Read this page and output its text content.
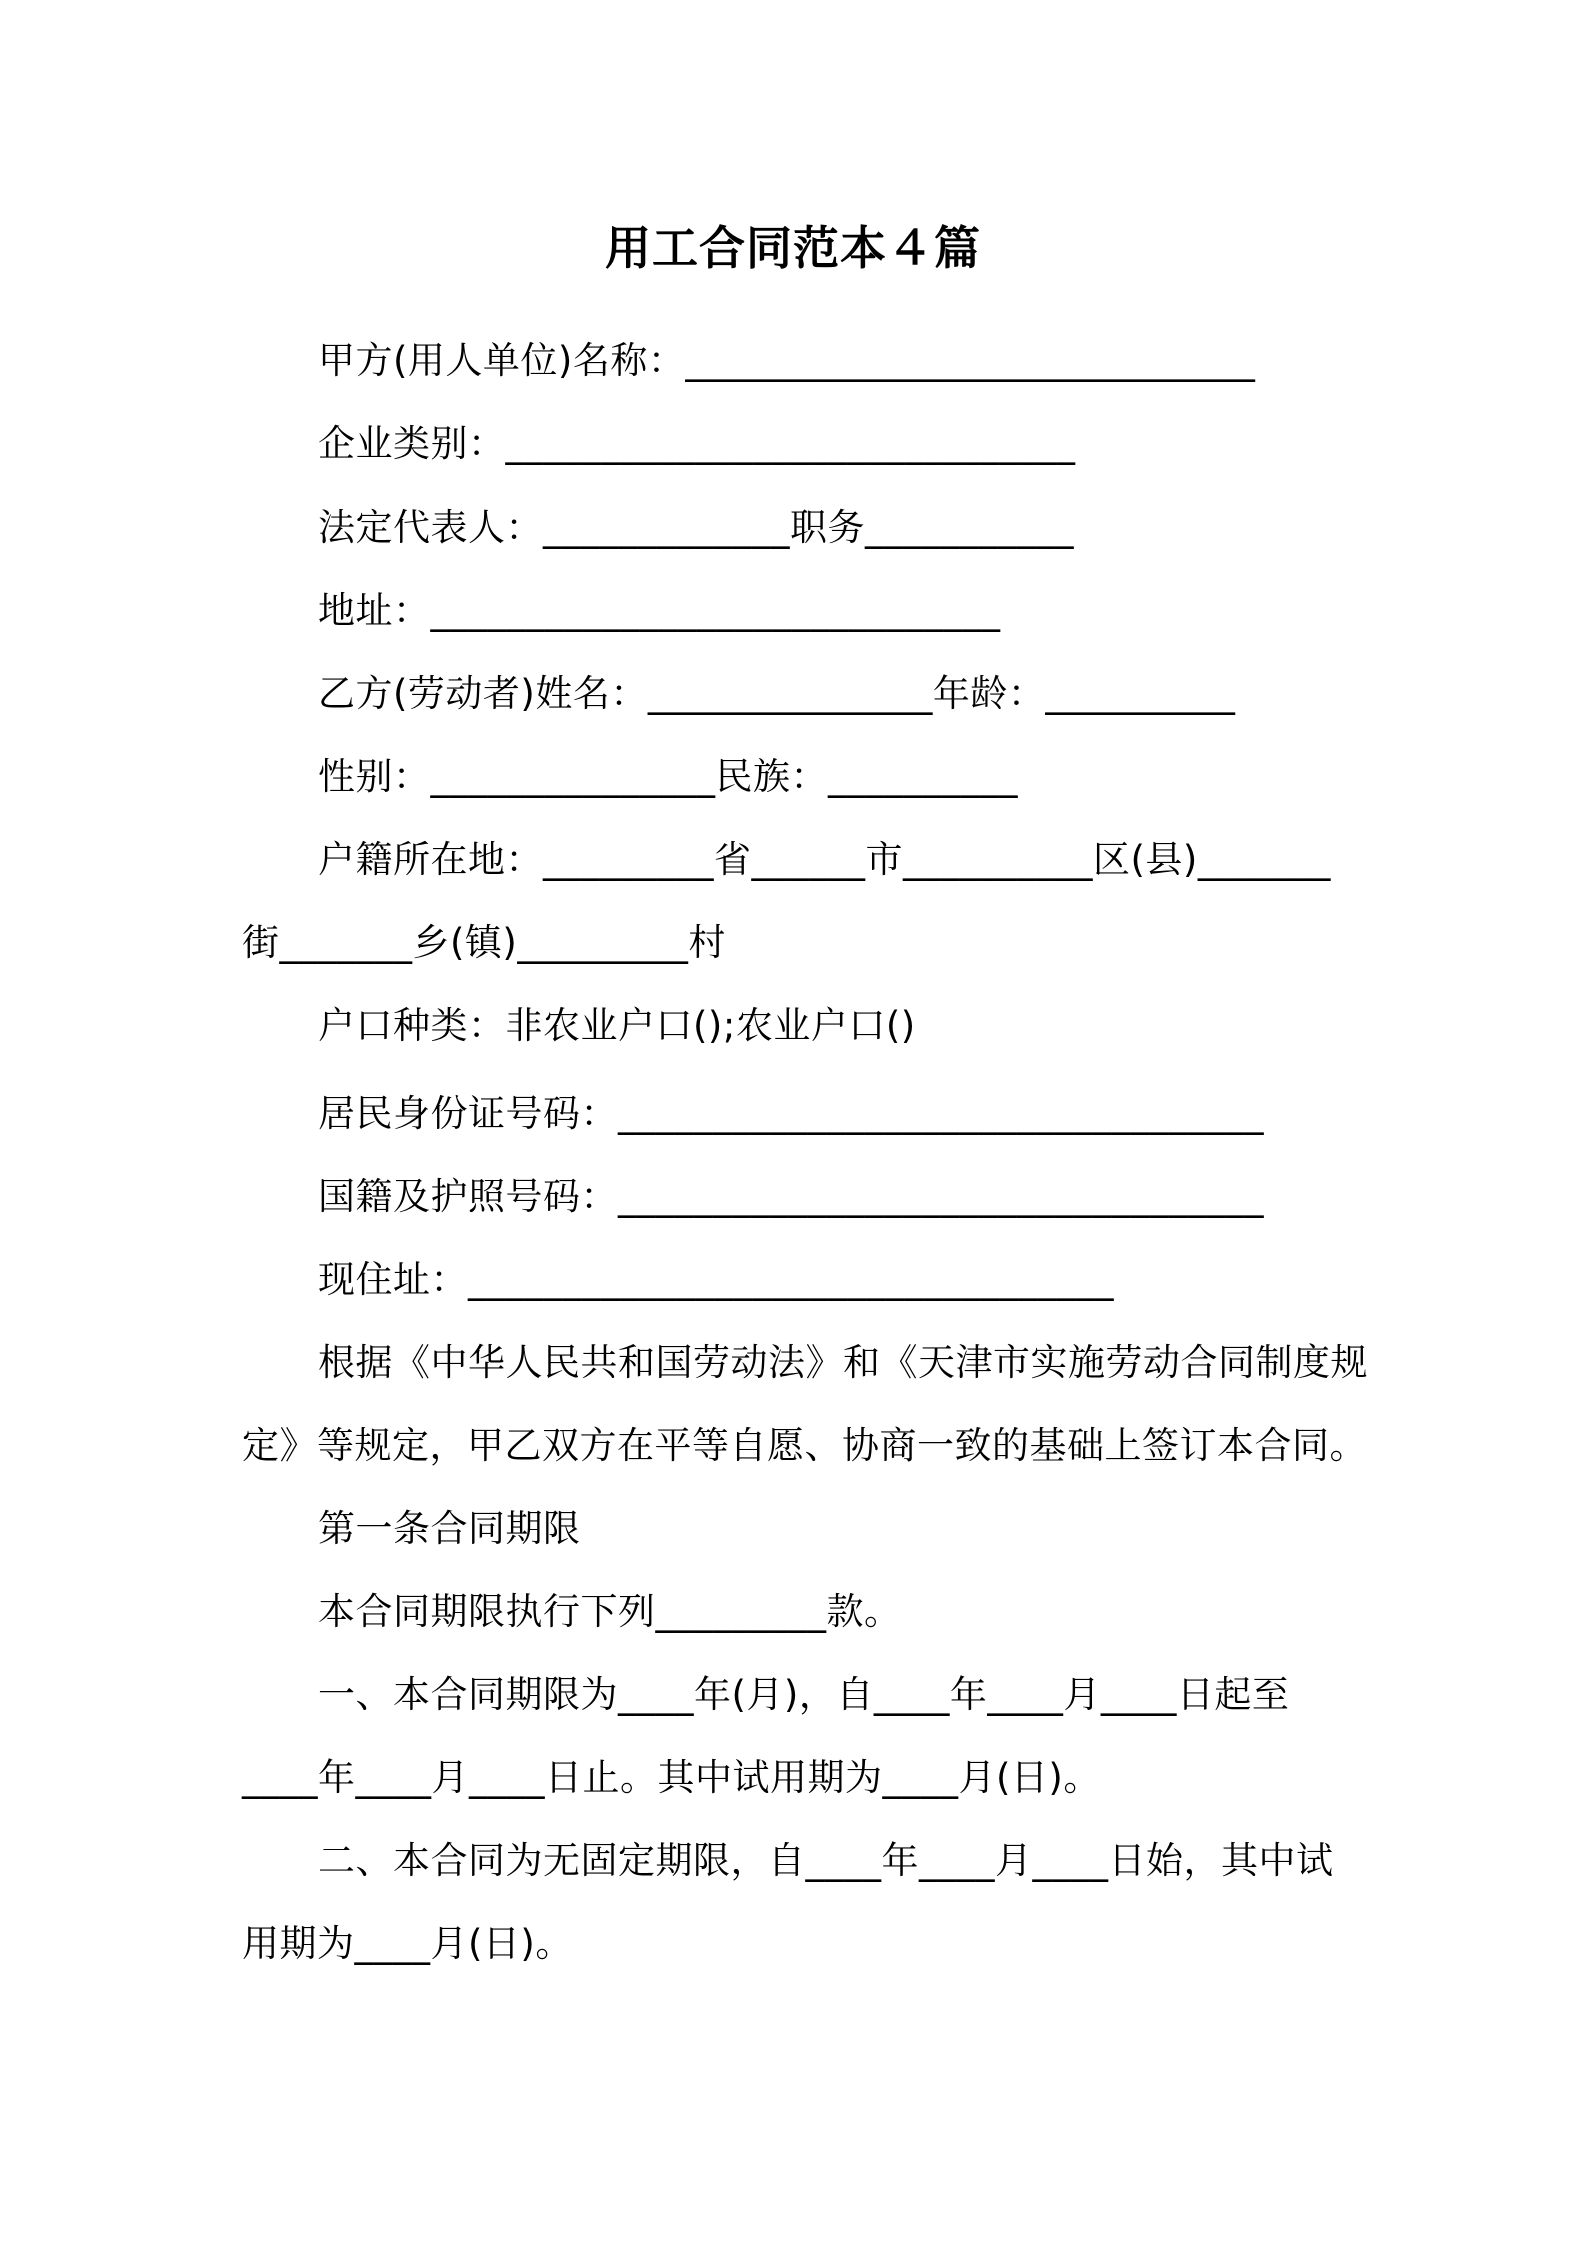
用工合同范本４篇
甲方(用人单位)名称：______________________________
企业类别：______________________________
法定代表人：_____________职务___________
地址：______________________________
乙方(劳动者)姓名：_______________年龄：__________
性别：_______________民族：__________
户籍所在地：_________省______市__________区(县)_______
街_______乡(镇)_________村
户口种类：非农业户口();农业户口()
居民身份证号码：__________________________________
国籍及护照号码：__________________________________
现住址：__________________________________
根据《中华人民共和国劳动法》和《天津市实施劳动合同制度规
定》等规定，甲乙双方在平等自愿、协商一致的基础上签订本合同。
第一条合同期限
本合同期限执行下列_________款。
一、本合同期限为____年(月)，自____年____月____日起至
____年____月____日止。其中试用期为____月(日)。
二、本合同为无固定期限，自____年____月____日始，其中试
用期为____月(日)。
